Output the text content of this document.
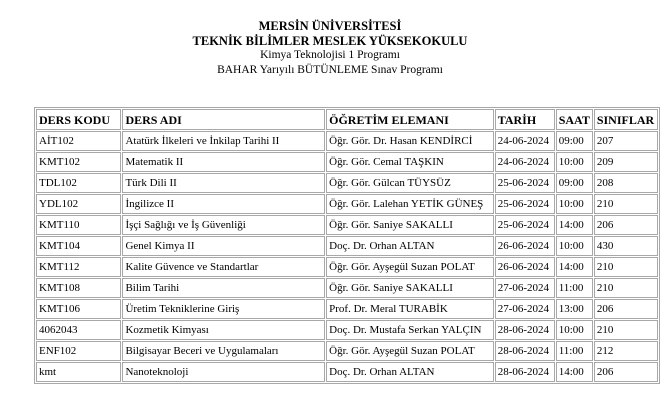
MERSİN ÜNİVERSİTESİ
TEKNİK BİLİMLER MESLEK YÜKSEKOKULU
Kimya Teknolojisi 1 Programı
BAHAR Yarıyılı BÜTÜNLEME Sınav Programı
DERS KODU	DERS ADI	ÖĞRETİM ELEMANI	TARİH	SAAT	SINIFLAR
AİT102	Atatürk İlkeleri ve İnkilap Tarihi II	Öğr. Gör. Dr. Hasan KENDİRCİ	24-06-2024	09:00	207
KMT102	Matematik II	Öğr. Gör. Cemal TAŞKIN	24-06-2024	10:00	209
TDL102	Türk Dili II	Öğr. Gör. Gülcan TÜYSÜZ	25-06-2024	09:00	208
YDL102	İngilizce II	Öğr. Gör. Lalehan YETİK GÜNEŞ	25-06-2024	10:00	210
KMT110	İşçi Sağlığı ve İş Güvenliği	Öğr. Gör. Saniye SAKALLI	25-06-2024	14:00	206
KMT104	Genel Kimya II	Doç. Dr. Orhan ALTAN	26-06-2024	10:00	430
KMT112	Kalite Güvence ve Standartlar	Öğr. Gör. Ayşegül Suzan POLAT	26-06-2024	14:00	210
KMT108	Bilim Tarihi	Öğr. Gör. Saniye SAKALLI	27-06-2024	11:00	210
KMT106	Üretim Tekniklerine Giriş	Prof. Dr. Meral TURABİK	27-06-2024	13:00	206
4062043	Kozmetik Kimyası	Doç. Dr. Mustafa Serkan YALÇIN	28-06-2024	10:00	210
ENF102	Bilgisayar Beceri ve Uygulamaları	Öğr. Gör. Ayşegül Suzan POLAT	28-06-2024	11:00	212
kmt	Nanoteknoloji	Doç. Dr. Orhan ALTAN	28-06-2024	14:00	206
